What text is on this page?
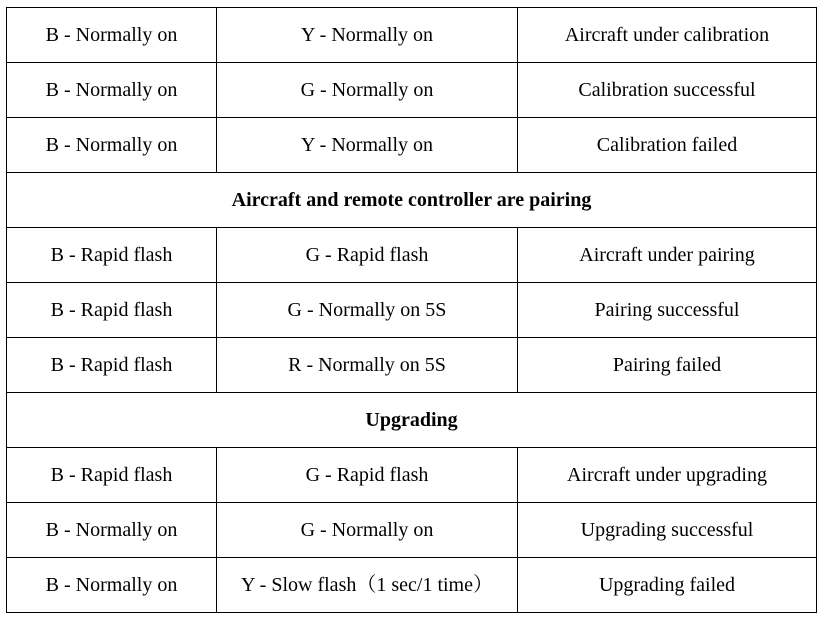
B - Normally on	Y - Normally on	Aircraft under calibration
B - Normally on	G - Normally on	Calibration successful
B - Normally on	Y - Normally on	Calibration failed
Aircraft and remote controller are pairing		
B - Rapid flash	G - Rapid flash	Aircraft under pairing
B - Rapid flash	G - Normally on 5S	Pairing successful
B - Rapid flash	R - Normally on 5S	Pairing failed
Upgrading		
B - Rapid flash	G - Rapid flash	Aircraft under upgrading
B - Normally on	G - Normally on	Upgrading successful
B - Normally on	Y - Slow flash（1 sec/1 time）	Upgrading failed
